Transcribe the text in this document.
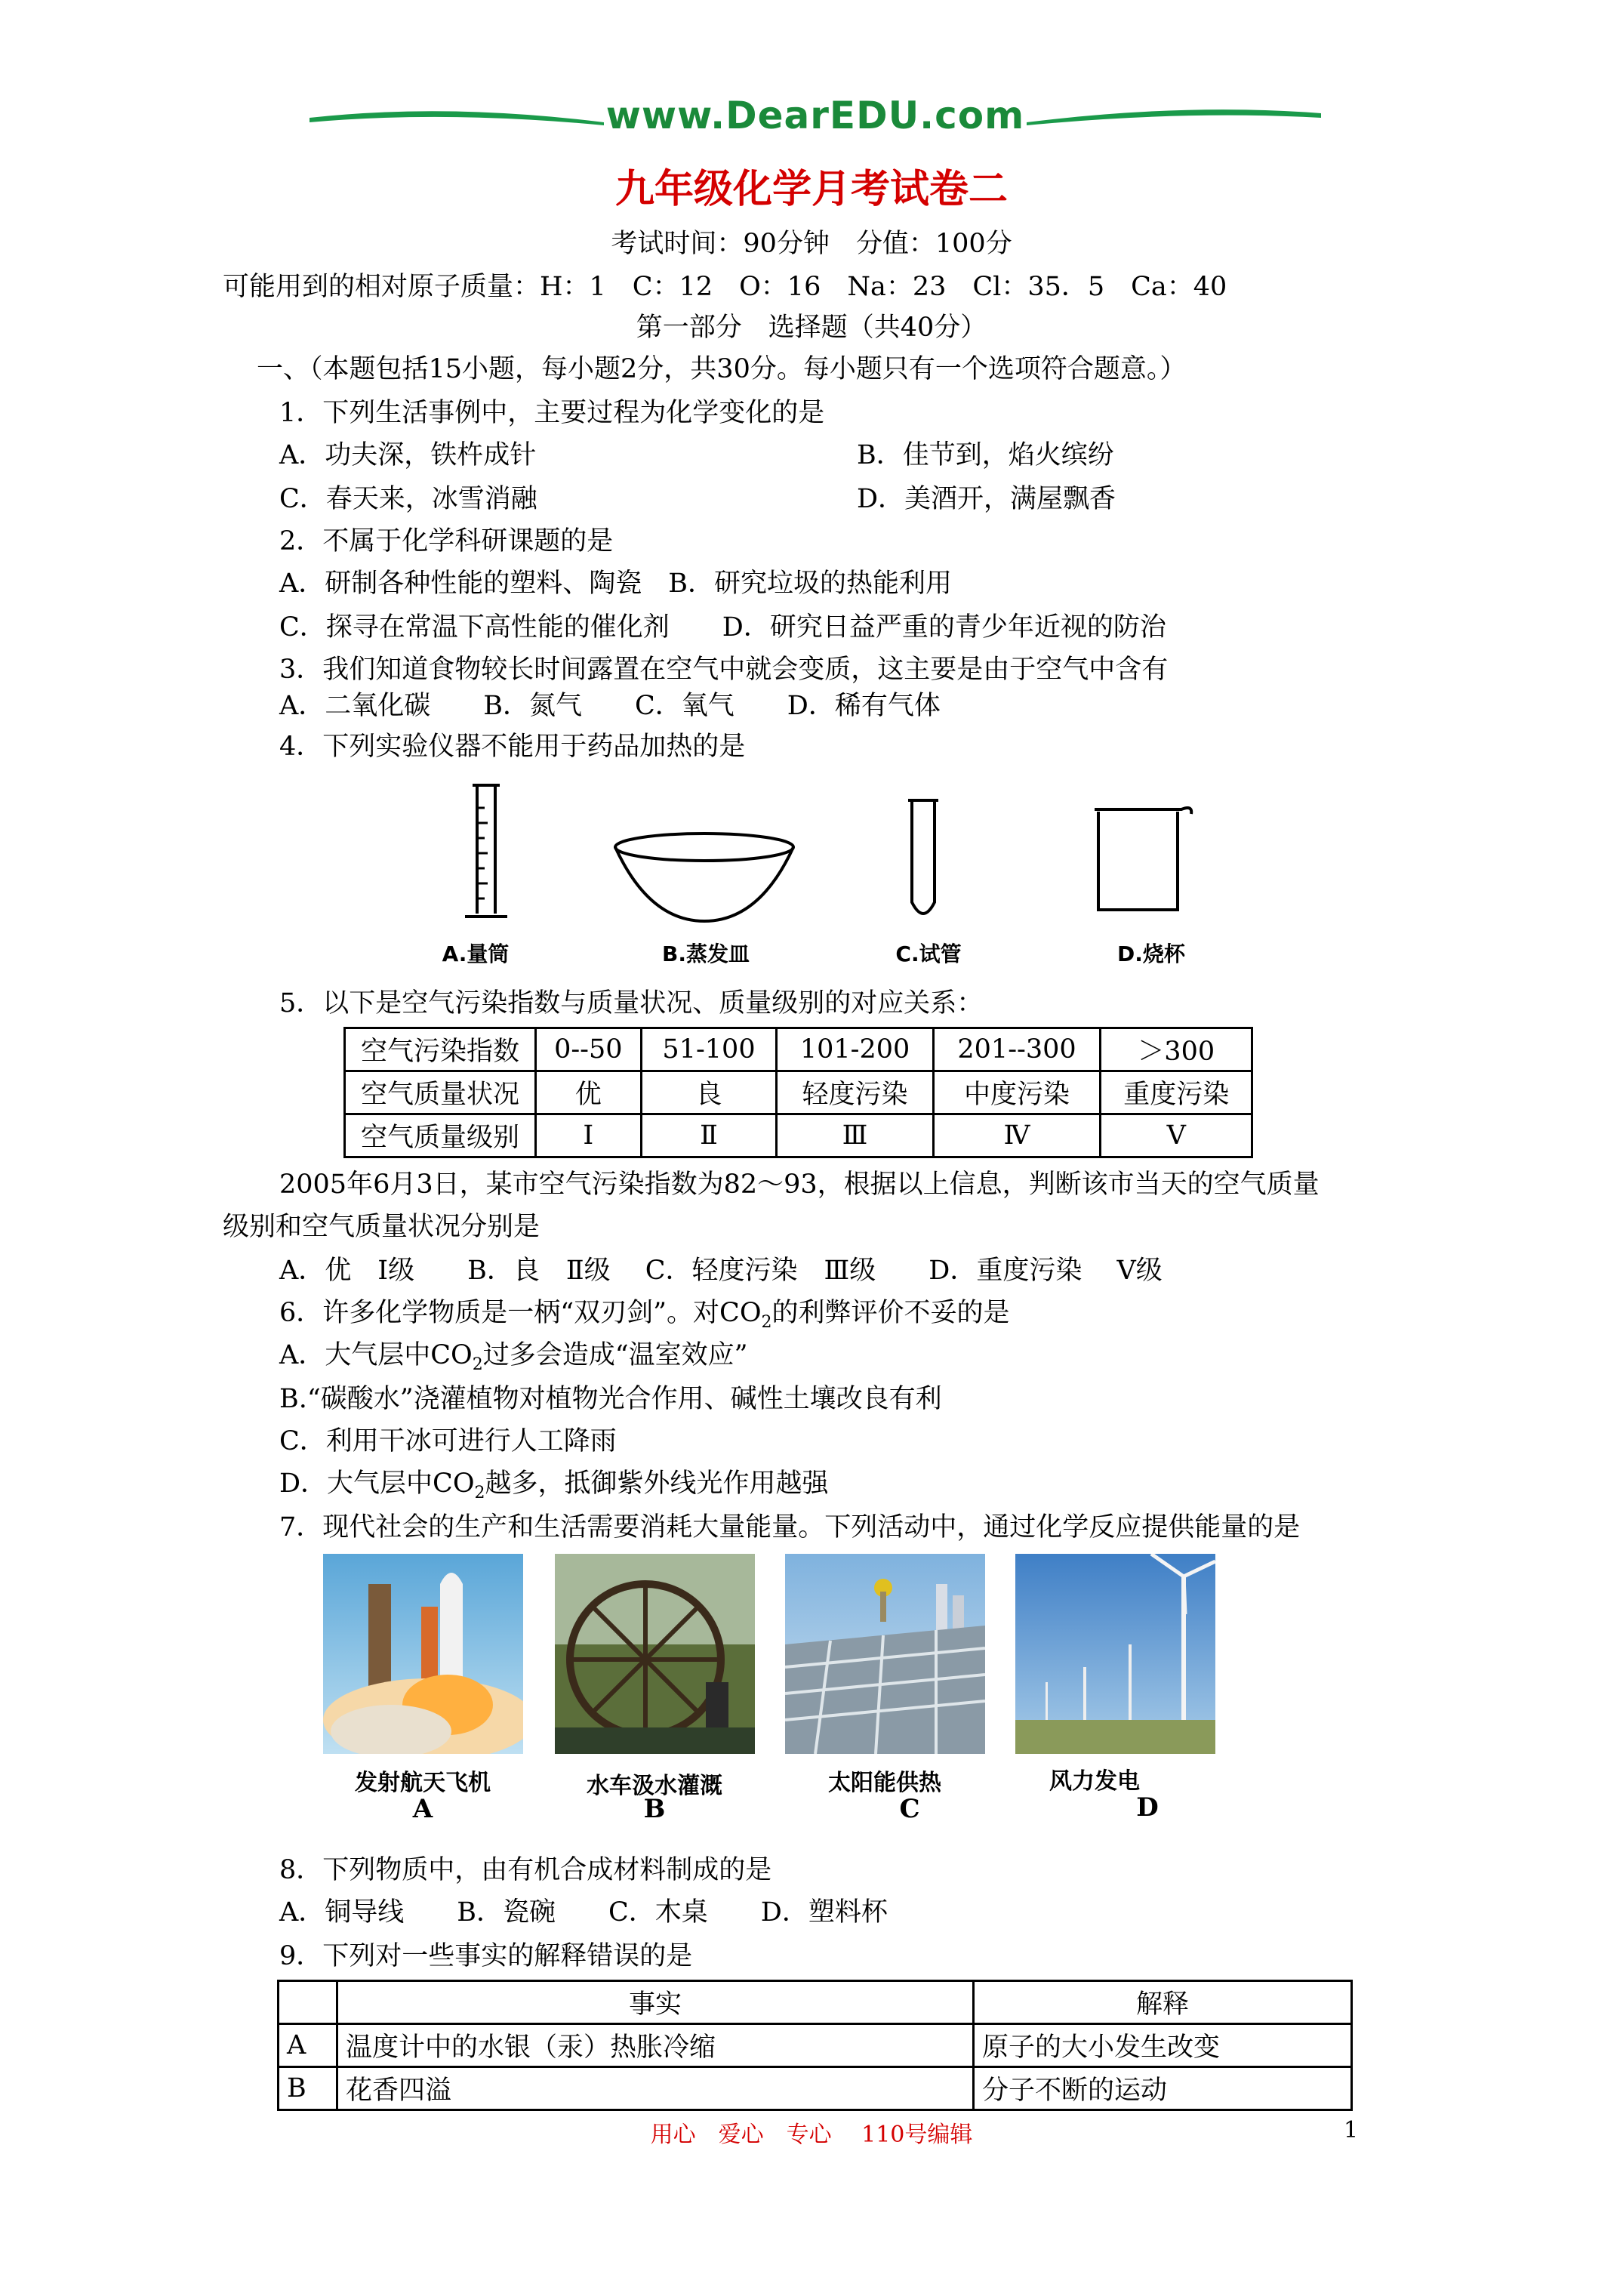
www.DearEDU.com
九年级化学月考试卷二
考试时间：90分钟　分值：100分
可能用到的相对原子质量：H：1　C：12　O：16　Na：23　Cl：35．5　Ca：40
第一部分　选择题（共40分）
一、（本题包括15小题，每小题2分，共30分。每小题只有一个选项符合题意。）
1．下列生活事例中，主要过程为化学变化的是
A．功夫深，铁杵成针	B．佳节到，焰火缤纷
C．春天来，冰雪消融	D．美酒开，满屋飘香
2．不属于化学科研课题的是
A．研制各种性能的塑料、陶瓷　B．研究垃圾的热能利用
C．探寻在常温下高性能的催化剂　　D．研究日益严重的青少年近视的防治
3．我们知道食物较长时间露置在空气中就会变质，这主要是由于空气中含有
A．二氧化碳　　B．氮气　　C．氧气　　D．稀有气体
4．下列实验仪器不能用于药品加热的是
A.量筒	B.蒸发皿	C.试管	D.烧杯
5．以下是空气污染指数与质量状况、质量级别的对应关系：
空气污染指数	0--50	51-100	101-200	201--300	＞300
空气质量状况	优	良	轻度污染	中度污染	重度污染
空气质量级别	Ⅰ	Ⅱ	Ⅲ	Ⅳ	Ⅴ
2005年6月3日，某市空气污染指数为82～93，根据以上信息，判断该市当天的空气质量
级别和空气质量状况分别是
A．优　Ⅰ级　　B．良　Ⅱ级　 C．轻度污染　Ⅲ级　　D．重度污染　 Ⅴ级
6．许多化学物质是一柄“双刃剑”。对$CO_2$的利弊评价不妥的是
A．大气层中$CO_2$过多会造成“温室效应”
B.“碳酸水”浇灌植物对植物光合作用、碱性土壤改良有利
C．利用干冰可进行人工降雨
D．大气层中$CO_2$越多，抵御紫外线光作用越强
7．现代社会的生产和生活需要消耗大量能量。下列活动中，通过化学反应提供能量的是
发射航天飞机	水车汲水灌溉	太阳能供热	风力发电
A	B	C	D
8．下列物质中，由有机合成材料制成的是
A．铜导线　　B．瓷碗　　C．木桌　　D．塑料杯
9．下列对一些事实的解释错误的是
	事实	解释
A	温度计中的水银（汞）热胀冷缩	原子的大小发生改变
B	花香四溢	分子不断的运动
用心　爱心　专心　 110号编辑	1
